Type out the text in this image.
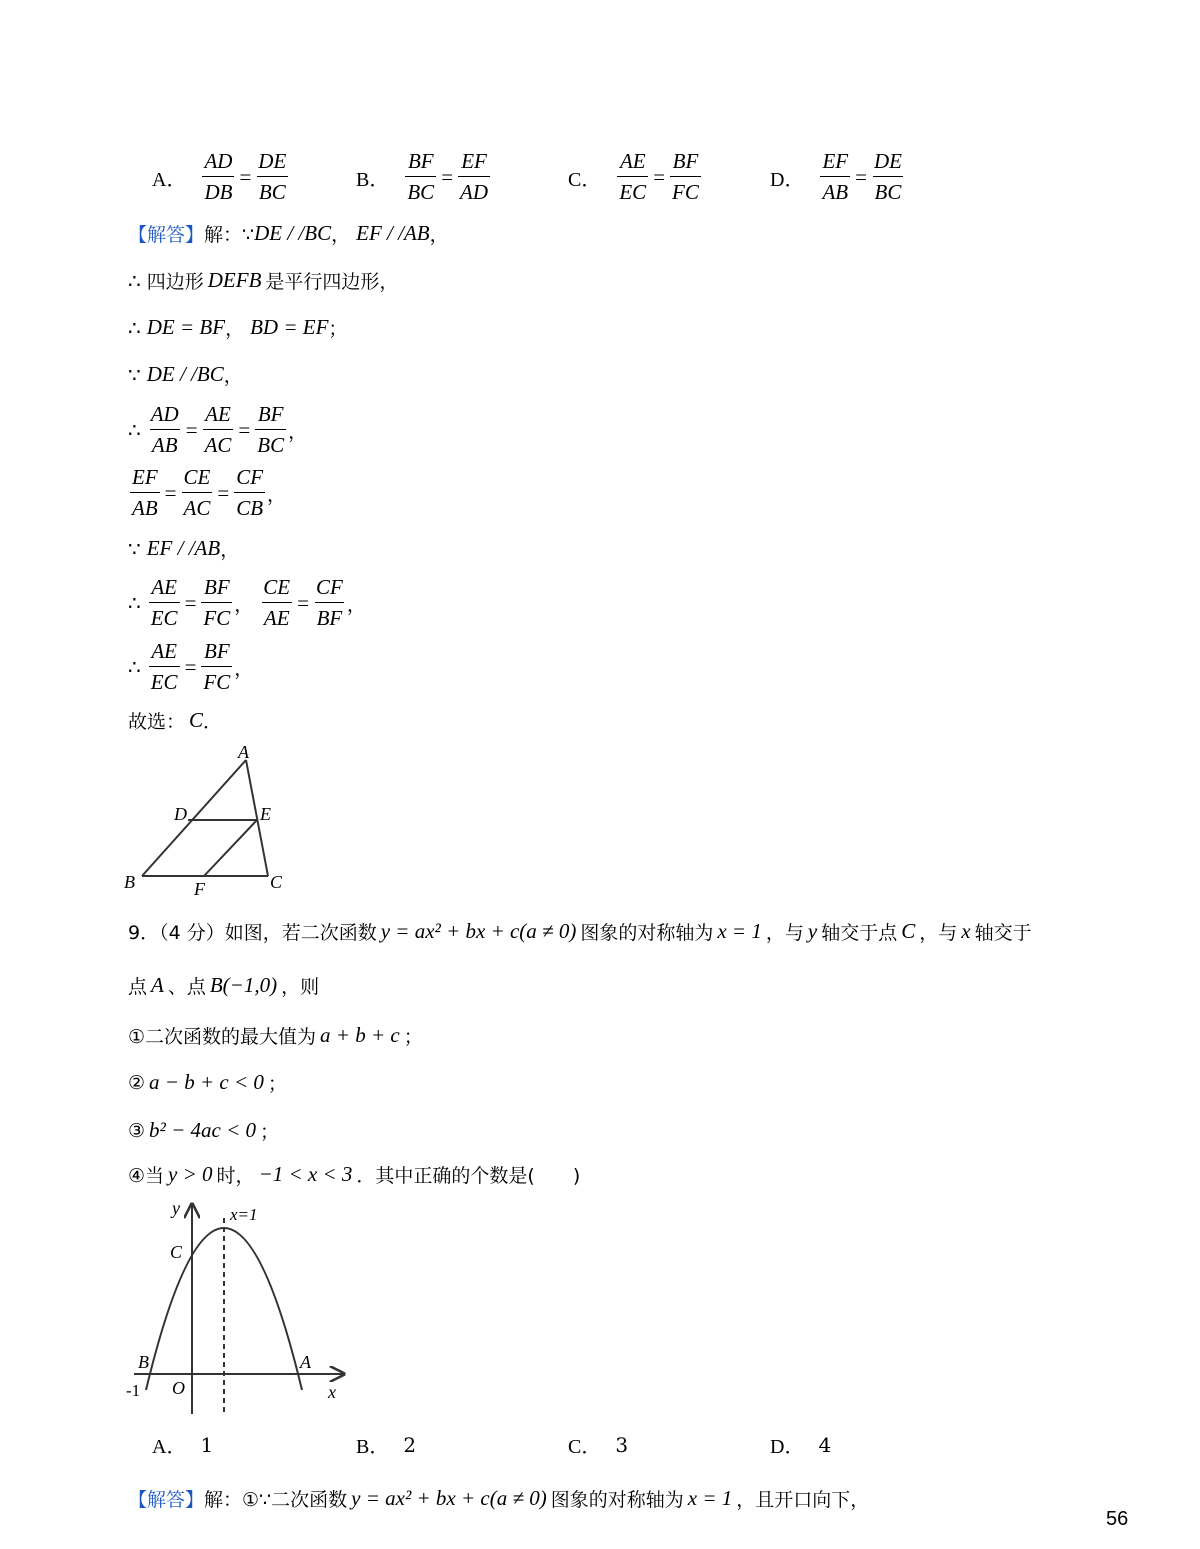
A． $\frac{AD}{DB} = \frac{DE}{BC}$	B． $\frac{BF}{BC} = \frac{EF}{AD}$	C． $\frac{AE}{EC} = \frac{BF}{FC}$	D． $\frac{EF}{AB} = \frac{DE}{BC}$
【解答】 解：∵ DE / /BC ， EF / /AB ，
∴ 四边形 DEFB 是平行四边形，
∴ DE = BF ， BD = EF ；
∵ DE / /BC ，
∴ $\frac{AD}{AB} = \frac{AE}{AC} = \frac{BF}{BC}$ ，
$\frac{EF}{AB} = \frac{CE}{AC} = \frac{CF}{CB}$ ，
∵ EF / /AB ，
∴ $\frac{AE}{EC} = \frac{BF}{FC}$ ， $\frac{CE}{AE} = \frac{CF}{BF}$ ，
∴ $\frac{AE}{EC} = \frac{BF}{FC}$ ，
故选： C ．
A
D	E
B	F	C
9．（4 分）如图，若二次函数 y = ax² + bx + c(a ≠ 0) 图象的对称轴为 x = 1 ，与 y 轴交于点 C ，与 x 轴交于
点 A 、点 B(−1,0) ，则
①二次函数的最大值为 a + b + c ；
② a − b + c < 0 ；
③ b² − 4ac < 0 ；
④当 y > 0 时， −1 < x < 3 ．其中正确的个数是(　　)
y	x=1
C
B	A
O
-1	x
A． 1	B． 2	C． 3	D． 4
【解答】 解：①∵二次函数 y = ax² + bx + c(a ≠ 0) 图象的对称轴为 x = 1 ，且开口向下，
56
